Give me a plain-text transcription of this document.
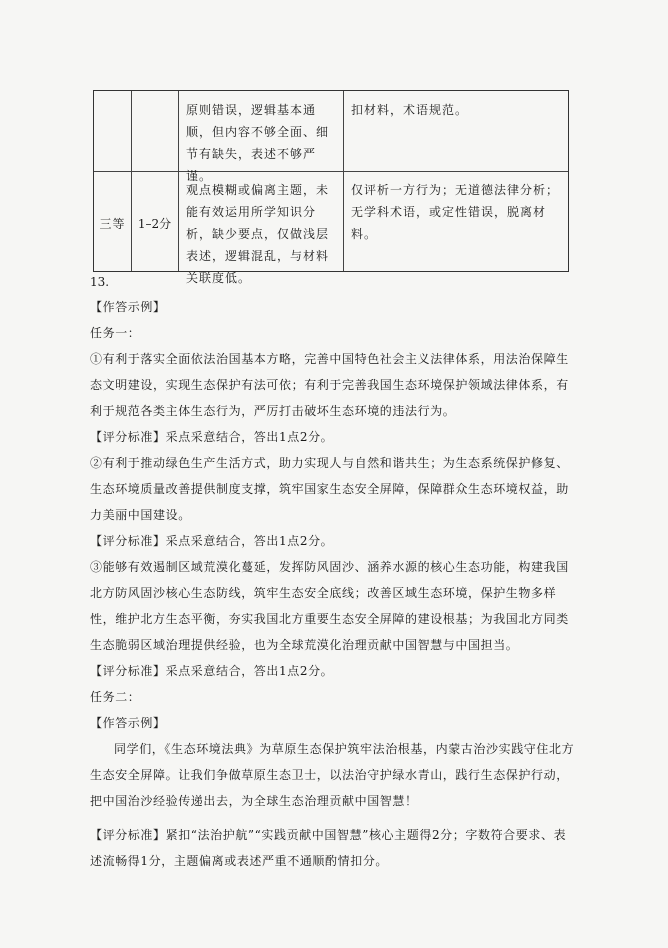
原则错误，逻辑基本通顺，但内容不够全面、细节有缺失，表述不够严谨。
扣材料，术语规范。
三等	1–2分
观点模糊或偏离主题，未能有效运用所学知识分析，缺少要点，仅做浅层表述，逻辑混乱，与材料关联度低。
仅评析一方行为；无道德法律分析；无学科术语，或定性错误，脱离材料。
13.

【作答示例】

任务一：

①有利于落实全面依法治国基本方略，完善中国特色社会主义法律体系，用法治保障生态文明建设，实现生态保护有法可依；有利于完善我国生态环境保护领域法律体系，有利于规范各类主体生态行为，严厉打击破坏生态环境的违法行为。

【评分标准】采点采意结合，答出1点2分。

②有利于推动绿色生产生活方式，助力实现人与自然和谐共生；为生态系统保护修复、生态环境质量改善提供制度支撑，筑牢国家生态安全屏障，保障群众生态环境权益，助力美丽中国建设。

【评分标准】采点采意结合，答出1点2分。

③能够有效遏制区域荒漠化蔓延，发挥防风固沙、涵养水源的核心生态功能，构建我国北方防风固沙核心生态防线，筑牢生态安全底线；改善区域生态环境，保护生物多样性，维护北方生态平衡，夯实我国北方重要生态安全屏障的建设根基；为我国北方同类生态脆弱区域治理提供经验，也为全球荒漠化治理贡献中国智慧与中国担当。

【评分标准】采点采意结合，答出1点2分。

任务二：

【作答示例】

同学们，《生态环境法典》为草原生态保护筑牢法治根基，内蒙古治沙实践守住北方生态安全屏障。让我们争做草原生态卫士，以法治守护绿水青山，践行生态保护行动，把中国治沙经验传递出去，为全球生态治理贡献中国智慧！

【评分标准】紧扣“法治护航”“实践贡献中国智慧”核心主题得2分；字数符合要求、表述流畅得1分，主题偏离或表述严重不通顺酌情扣分。
